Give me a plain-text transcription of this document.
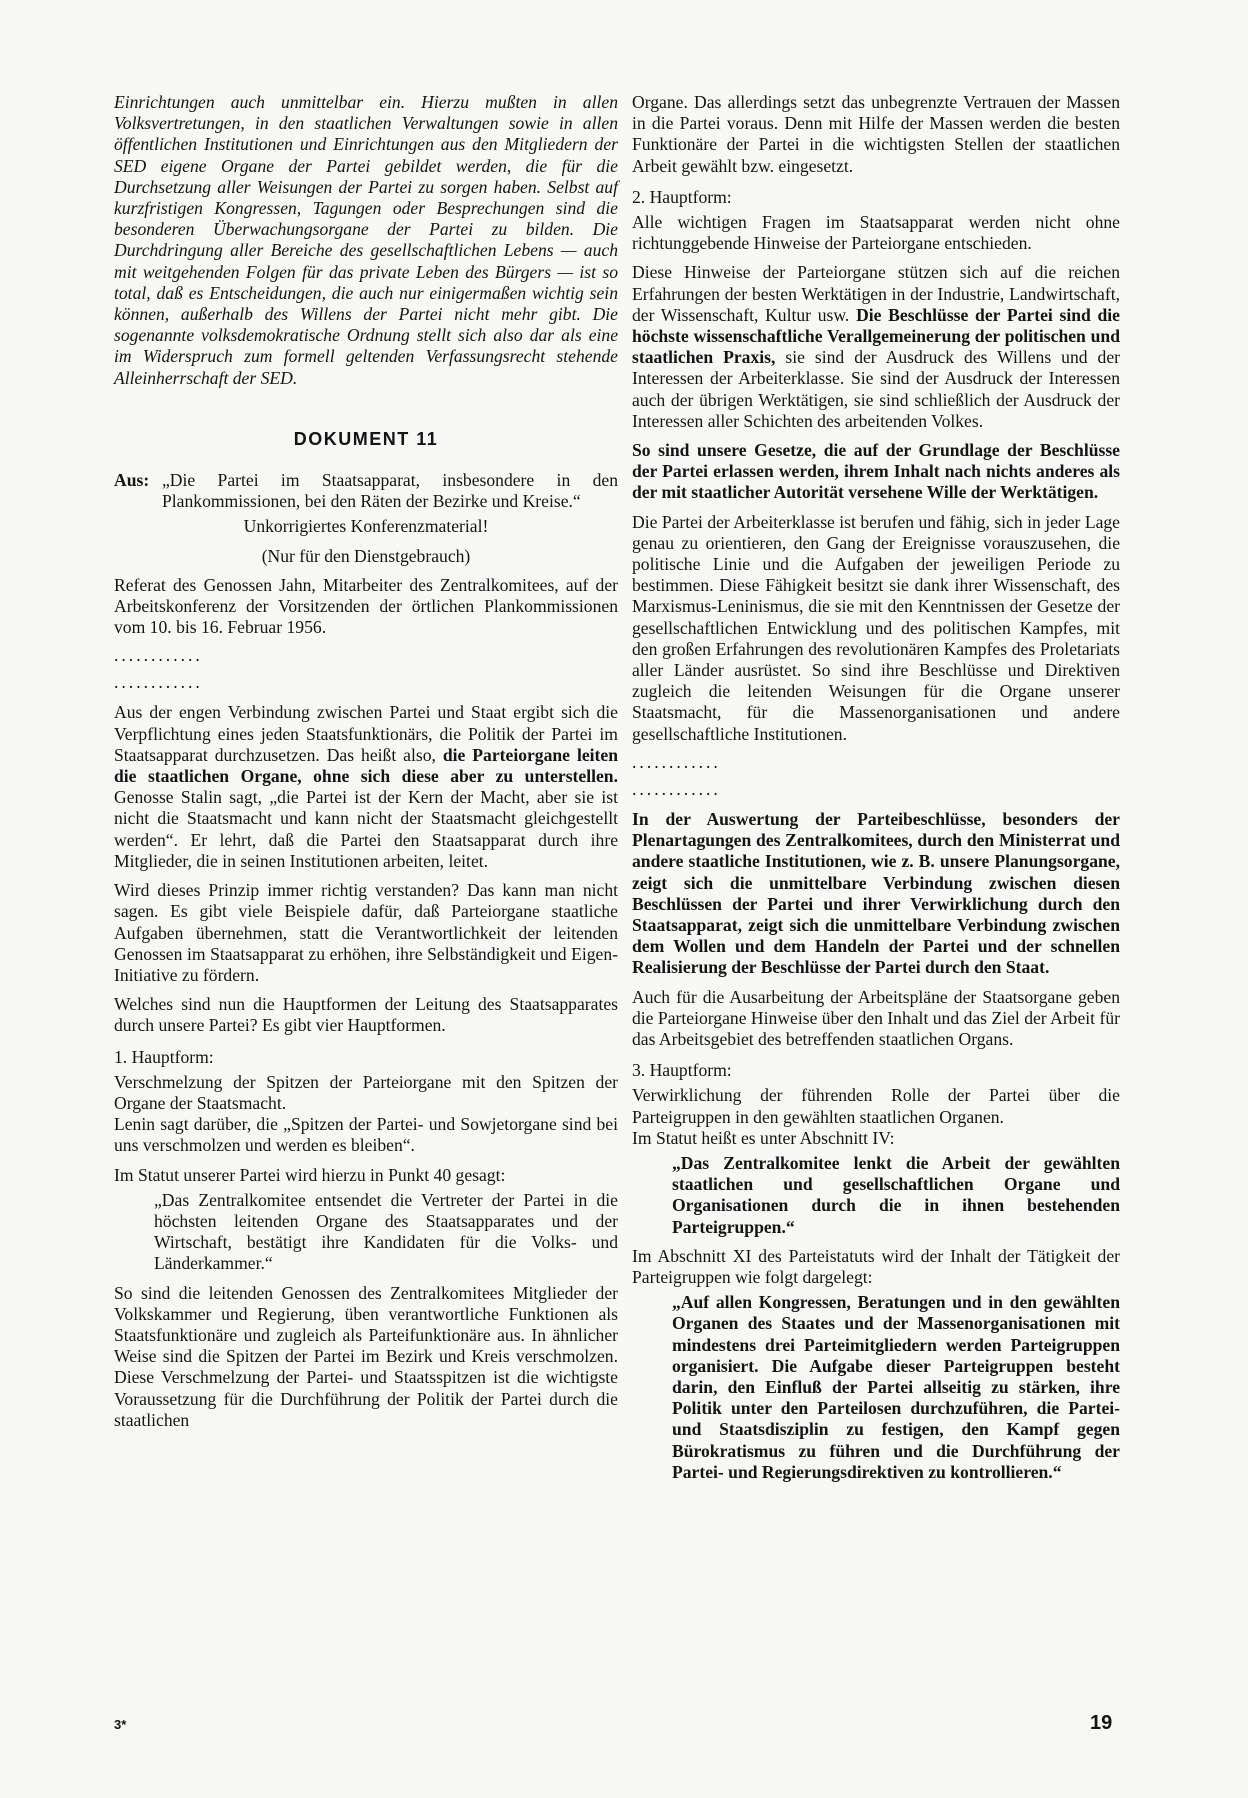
Einrichtungen auch unmittelbar ein. Hierzu mußten in allen Volksvertretungen, in den staatlichen Verwaltungen sowie in allen öffentlichen Institutionen und Einrichtungen aus den Mitgliedern der SED eigene Organe der Partei gebildet werden, die für die Durchsetzung aller Weisungen der Partei zu sorgen haben. Selbst auf kurzfristigen Kongressen, Tagungen oder Besprechungen sind die besonderen Überwachungsorgane der Partei zu bilden. Die Durchdringung aller Bereiche des gesellschaftlichen Lebens — auch mit weitgehenden Folgen für das private Leben des Bürgers — ist so total, daß es Entscheidungen, die auch nur einigermaßen wichtig sein können, außerhalb des Willens der Partei nicht mehr gibt. Die sogenannte volksdemokratische Ordnung stellt sich also dar als eine im Widerspruch zum formell geltenden Verfassungsrecht stehende Alleinherrschaft der SED.

DOKUMENT 11
Aus: „Die Partei im Staatsapparat, insbesondere in den Plankommissionen, bei den Räten der Bezirke und Kreise.“

Unkorrigiertes Konferenzmaterial!

(Nur für den Dienstgebrauch)

Referat des Genossen Jahn, Mitarbeiter des Zentralkomitees, auf der Arbeitskonferenz der Vorsitzenden der örtlichen Plankommissionen vom 10. bis 16. Februar 1956.

............

............

Aus der engen Verbindung zwischen Partei und Staat ergibt sich die Verpflichtung eines jeden Staatsfunktionärs, die Politik der Partei im Staatsapparat durchzusetzen. Das heißt also, die Parteiorgane leiten die staatlichen Organe, ohne sich diese aber zu unterstellen. Genosse Stalin sagt, „die Partei ist der Kern der Macht, aber sie ist nicht die Staatsmacht und kann nicht der Staatsmacht gleichgestellt werden“. Er lehrt, daß die Partei den Staatsapparat durch ihre Mitglieder, die in seinen Institutionen arbeiten, leitet.

Wird dieses Prinzip immer richtig verstanden? Das kann man nicht sagen. Es gibt viele Beispiele dafür, daß Parteiorgane staatliche Aufgaben übernehmen, statt die Verantwortlichkeit der leitenden Genossen im Staatsapparat zu erhöhen, ihre Selbständigkeit und Eigen-Initiative zu fördern.

Welches sind nun die Hauptformen der Leitung des Staatsapparates durch unsere Partei? Es gibt vier Hauptformen.

1. Hauptform:

Verschmelzung der Spitzen der Parteiorgane mit den Spitzen der Organe der Staatsmacht.

Lenin sagt darüber, die „Spitzen der Partei- und Sowjetorgane sind bei uns verschmolzen und werden es bleiben“.

Im Statut unserer Partei wird hierzu in Punkt 40 gesagt:

„Das Zentralkomitee entsendet die Vertreter der Partei in die höchsten leitenden Organe des Staatsapparates und der Wirtschaft, bestätigt ihre Kandidaten für die Volks- und Länderkammer.“

So sind die leitenden Genossen des Zentralkomitees Mitglieder der Volkskammer und Regierung, üben verantwortliche Funktionen als Staatsfunktionäre und zugleich als Parteifunktionäre aus. In ähnlicher Weise sind die Spitzen der Partei im Bezirk und Kreis verschmolzen. Diese Verschmelzung der Partei- und Staatsspitzen ist die wichtigste Voraussetzung für die Durchführung der Politik der Partei durch die staatlichen

Organe. Das allerdings setzt das unbegrenzte Vertrauen der Massen in die Partei voraus. Denn mit Hilfe der Massen werden die besten Funktionäre der Partei in die wichtigsten Stellen der staatlichen Arbeit gewählt bzw. eingesetzt.

2. Hauptform:

Alle wichtigen Fragen im Staatsapparat werden nicht ohne richtunggebende Hinweise der Parteiorgane entschieden.

Diese Hinweise der Parteiorgane stützen sich auf die reichen Erfahrungen der besten Werktätigen in der Industrie, Landwirtschaft, der Wissenschaft, Kultur usw. Die Beschlüsse der Partei sind die höchste wissenschaftliche Verallgemeinerung der politischen und staatlichen Praxis, sie sind der Ausdruck des Willens und der Interessen der Arbeiterklasse. Sie sind der Ausdruck der Interessen auch der übrigen Werktätigen, sie sind schließlich der Ausdruck der Interessen aller Schichten des arbeitenden Volkes.

So sind unsere Gesetze, die auf der Grundlage der Beschlüsse der Partei erlassen werden, ihrem Inhalt nach nichts anderes als der mit staatlicher Autorität versehene Wille der Werktätigen.

Die Partei der Arbeiterklasse ist berufen und fähig, sich in jeder Lage genau zu orientieren, den Gang der Ereignisse vorauszusehen, die politische Linie und die Aufgaben der jeweiligen Periode zu bestimmen. Diese Fähigkeit besitzt sie dank ihrer Wissenschaft, des Marxismus-Leninismus, die sie mit den Kenntnissen der Gesetze der gesellschaftlichen Entwicklung und des politischen Kampfes, mit den großen Erfahrungen des revolutionären Kampfes des Proletariats aller Länder ausrüstet. So sind ihre Beschlüsse und Direktiven zugleich die leitenden Weisungen für die Organe unserer Staatsmacht, für die Massenorganisationen und andere gesellschaftliche Institutionen.

............

............

In der Auswertung der Parteibeschlüsse, besonders der Plenartagungen des Zentralkomitees, durch den Ministerrat und andere staatliche Institutionen, wie z. B. unsere Planungsorgane, zeigt sich die unmittelbare Verbindung zwischen diesen Beschlüssen der Partei und ihrer Verwirklichung durch den Staatsapparat, zeigt sich die unmittelbare Verbindung zwischen dem Wollen und dem Handeln der Partei und der schnellen Realisierung der Beschlüsse der Partei durch den Staat.

Auch für die Ausarbeitung der Arbeitspläne der Staatsorgane geben die Parteiorgane Hinweise über den Inhalt und das Ziel der Arbeit für das Arbeitsgebiet des betreffenden staatlichen Organs.

3. Hauptform:

Verwirklichung der führenden Rolle der Partei über die Parteigruppen in den gewählten staatlichen Organen.

Im Statut heißt es unter Abschnitt IV:

„Das Zentralkomitee lenkt die Arbeit der gewählten staatlichen und gesellschaftlichen Organe und Organisationen durch die in ihnen bestehenden Parteigruppen.“

Im Abschnitt XI des Parteistatuts wird der Inhalt der Tätigkeit der Parteigruppen wie folgt dargelegt:

„Auf allen Kongressen, Beratungen und in den gewählten Organen des Staates und der Massenorganisationen mit mindestens drei Parteimitgliedern werden Parteigruppen organisiert. Die Aufgabe dieser Parteigruppen besteht darin, den Einfluß der Partei allseitig zu stärken, ihre Politik unter den Parteilosen durchzuführen, die Partei- und Staatsdisziplin zu festigen, den Kampf gegen Bürokratismus zu führen und die Durchführung der Partei- und Regierungsdirektiven zu kontrollieren.“

3*	19
